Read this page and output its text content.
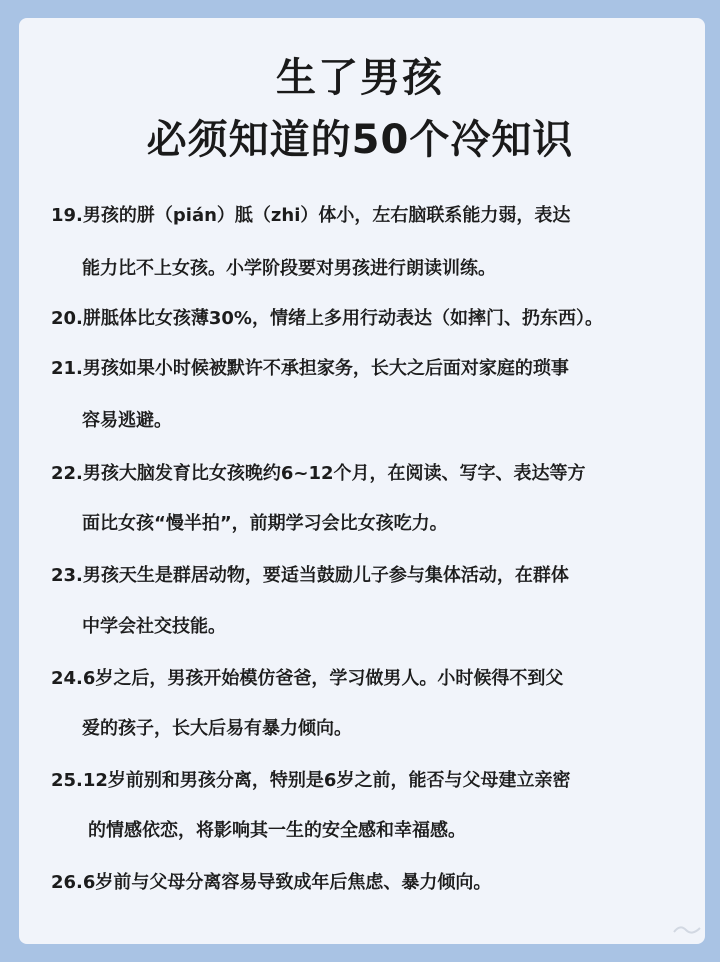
生了男孩
必须知道的50个冷知识

19.男孩的胼（pián）胝（zhi）体小，左右脑联系能力弱，表达

能力比不上女孩。小学阶段要对男孩进行朗读训练。

20.胼胝体比女孩薄30%，情绪上多用行动表达（如摔门、扔东西）。

21.男孩如果小时候被默许不承担家务，长大之后面对家庭的琐事

容易逃避。

22.男孩大脑发育比女孩晚约6~12个月，在阅读、写字、表达等方

面比女孩“慢半拍”，前期学习会比女孩吃力。

23.男孩天生是群居动物，要适当鼓励儿子参与集体活动，在群体

中学会社交技能。

24.6岁之后，男孩开始模仿爸爸，学习做男人。小时候得不到父

爱的孩子，长大后易有暴力倾向。

25.12岁前别和男孩分离，特别是6岁之前，能否与父母建立亲密

的情感依恋，将影响其一生的安全感和幸福感。

26.6岁前与父母分离容易导致成年后焦虑、暴力倾向。
